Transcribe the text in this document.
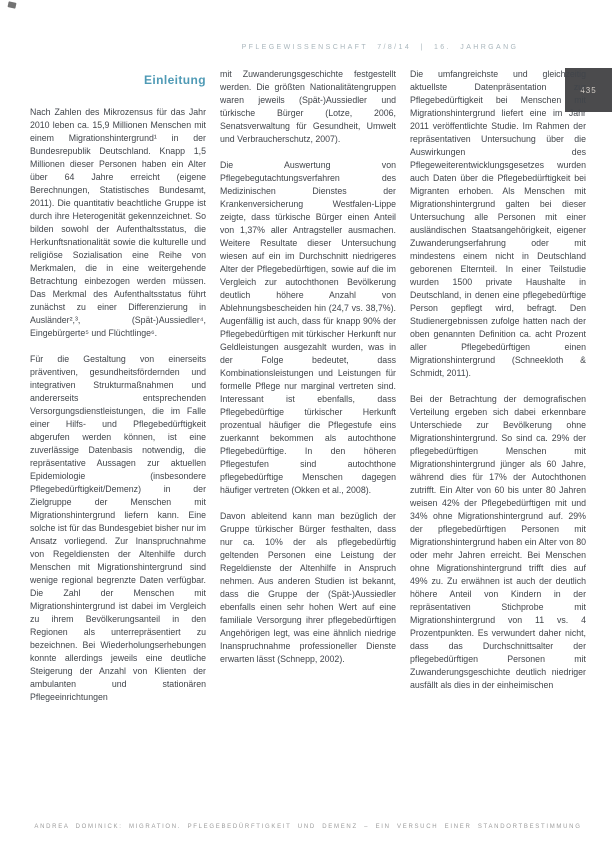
PFLEGEWISSENSCHAFT 7/8/14 | 16. JAHRGANG
435
Einleitung

Nach Zahlen des Mikrozensus für das Jahr 2010 leben ca. 15,9 Millionen Menschen mit einem Migrationshintergrund¹ in der Bundesrepublik Deutschland. Knapp 1,5 Millionen dieser Personen haben ein Alter über 64 Jahre erreicht (eigene Berechnungen, Statistisches Bundesamt, 2011). Die quantitativ beachtliche Gruppe ist durch ihre Heterogenität gekennzeichnet. So bilden sowohl der Aufenthaltsstatus, die Herkunftsnationalität sowie die kulturelle und religiöse Sozialisation eine Reihe von Merkmalen, die in eine weitergehende Betrachtung einbezogen werden müssen. Das Merkmal des Aufenthaltsstatus führt zunächst zu einer Differenzierung in Ausländer²,³, (Spät-)Aussiedler⁴, Eingebürgerte⁵ und Flüchtlinge⁶.

Für die Gestaltung von einerseits präventiven, gesundheitsfördernden und integrativen Strukturmaßnahmen und andererseits entsprechenden Versorgungsdienstleistungen, die im Falle einer Hilfs- und Pflegebedürftigkeit abgerufen werden können, ist eine zuverlässige Datenbasis notwendig, die repräsentative Aussagen zur aktuellen Epidemiologie (insbesondere Pflegebedürftigkeit/Demenz) in der Zielgruppe der Menschen mit Migrationshintergrund liefern kann. Eine solche ist für das Bundesgebiet bisher nur im Ansatz vorliegend. Zur Inanspruchnahme von Regeldiensten der Altenhilfe durch Menschen mit Migrationshintergrund sind wenige regional begrenzte Daten verfügbar. Die Zahl der Menschen mit Migrationshintergrund ist dabei im Vergleich zu ihrem Bevölkerungsanteil in den Regionen als unterrepräsentiert zu bezeichnen. Bei Wiederholungserhebungen konnte allerdings jeweils eine deutliche Steigerung der Anzahl von Klienten der ambulanten und stationären Pflegeeinrichtungen

mit Zuwanderungsgeschichte festgestellt werden. Die größten Nationalitätengruppen waren jeweils (Spät-)Aussiedler und türkische Bürger (Lotze, 2006, Senatsverwaltung für Gesundheit, Umwelt und Verbraucherschutz, 2007).

Die Auswertung von Pflegebegutachtungsverfahren des Medizinischen Dienstes der Krankenversicherung Westfalen-Lippe zeigte, dass türkische Bürger einen Anteil von 1,37% aller Antragsteller ausmachen. Weitere Resultate dieser Untersuchung wiesen auf ein im Durchschnitt niedrigeres Alter der Pflegebedürftigen, sowie auf die im Vergleich zur autochthonen Bevölkerung deutlich höhere Anzahl von Ablehnungsbescheiden hin (24,7 vs. 38,7%). Augenfällig ist auch, dass für knapp 90% der Pflegebedürftigen mit türkischer Herkunft nur Geldleistungen ausgezahlt wurden, was in der Folge bedeutet, dass Kombinationsleistungen und Leistungen für formelle Pflege nur marginal vertreten sind. Interessant ist ebenfalls, dass Pflegebedürftige türkischer Herkunft prozentual häufiger die Pflegestufe eins zuerkannt bekommen als autochthone Pflegebedürftige. In den höheren Pflegestufen sind autochthone pflegebedürftige Menschen dagegen häufiger vertreten (Okken et al., 2008).

Davon ableitend kann man bezüglich der Gruppe türkischer Bürger festhalten, dass nur ca. 10% der als pflegebedürftig geltenden Personen eine Leistung der Regeldienste der Altenhilfe in Anspruch nehmen. Aus anderen Studien ist bekannt, dass die Gruppe der (Spät-)Aussiedler ebenfalls einen sehr hohen Wert auf eine familiale Versorgung ihrer pflegebedürftigen Angehörigen legt, was eine ähnlich niedrige Inanspruchnahme professioneller Dienste erwarten lässt (Schnepp, 2002).

Die umfangreichste und gleichzeitig aktuellste Datenpräsentation zur Pflegebedürftigkeit bei Menschen mit Migrationshintergrund liefert eine im Jahr 2011 veröffentlichte Studie. Im Rahmen der repräsentativen Untersuchung über die Auswirkungen des Pflegeweiterentwicklungsgesetzes wurden auch Daten über die Pflegebedürftigkeit bei Migranten erhoben. Als Menschen mit Migrationshintergrund galten bei dieser Untersuchung alle Personen mit einer ausländischen Staatsangehörigkeit, eigener Zuwanderungserfahrung oder mit mindestens einem nicht in Deutschland geborenen Elternteil. In einer Teilstudie wurden 1500 private Haushalte in Deutschland, in denen eine pflegebedürftige Person gepflegt wird, befragt. Den Studienergebnissen zufolge hatten nach der oben genannten Definition ca. acht Prozent aller Pflegebedürftigen einen Migrationshintergrund (Schneekloth & Schmidt, 2011).

Bei der Betrachtung der demografischen Verteilung ergeben sich dabei erkennbare Unterschiede zur Bevölkerung ohne Migrationshintergrund. So sind ca. 29% der pflegebedürftigen Menschen mit Migrationshintergrund jünger als 60 Jahre, während dies für 17% der Autochthonen zutrifft. Ein Alter von 60 bis unter 80 Jahren weisen 42% der Pflegebedürftigen mit und 34% ohne Migrationshintergrund auf. 29% der pflegebedürftigen Personen mit Migrationshintergrund haben ein Alter von 80 oder mehr Jahren erreicht. Bei Menschen ohne Migrationshintergrund trifft dies auf 49% zu. Zu erwähnen ist auch der deutlich höhere Anteil von Kindern in der repräsentativen Stichprobe mit Migrationshintergrund von 11 vs. 4 Prozentpunkten. Es verwundert daher nicht, dass das Durchschnittsalter der pflegebedürftigen Personen mit Zuwanderungsgeschichte deutlich niedriger ausfällt als dies in der einheimischen

ANDREA DOMINICK: MIGRATION. PFLEGEBEDÜRFTIGKEIT UND DEMENZ – EIN VERSUCH EINER STANDORTBESTIMMUNG
